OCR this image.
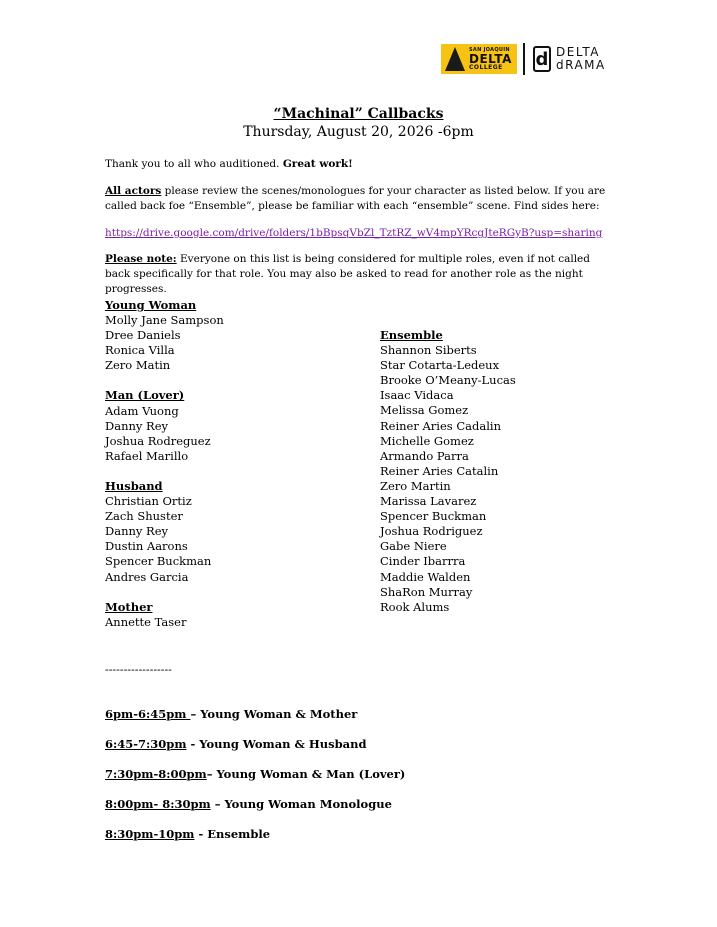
SAN JOAQUIN
DELTA
COLLEGE	d DELTA
dRAMA
“Machinal” Callbacks
Thursday, August 20, 2026 -6pm
Thank you to all who auditioned. Great work!
All actors please review the scenes/monologues for your character as listed below. If you are called back foe “Ensemble”, please be familiar with each “ensemble” scene. Find sides here:
https://drive.google.com/drive/folders/1bBpsqVbZl_TztRZ_wV4mpYRcgJteRGyB?usp=sharing
Please note: Everyone on this list is being considered for multiple roles, even if not called back specifically for that role. You may also be asked to read for another role as the night progresses.
Young Woman
Molly Jane Sampson
Dree Daniels
Ronica Villa
Zero Matin
Man (Lover)
Adam Vuong
Danny Rey
Joshua Rodreguez
Rafael Marillo
Husband
Christian Ortiz
Zach Shuster
Danny Rey
Dustin Aarons
Spencer Buckman
Andres Garcia
Mother
Annette Taser
Ensemble
Shannon Siberts
Star Cotarta-Ledeux
Brooke O’Meany-Lucas
Isaac Vidaca
Melissa Gomez
Reiner Aries Cadalin
Michelle Gomez
Armando Parra
Reiner Aries Catalin
Zero Martin
Marissa Lavarez
Spencer Buckman
Joshua Rodriguez
Gabe Niere
Cinder Ibarrra
Maddie Walden
ShaRon Murray
Rook Alums
------------------
6pm-6:45pm – Young Woman & Mother
6:45-7:30pm - Young Woman & Husband
7:30pm-8:00pm– Young Woman & Man (Lover)
8:00pm- 8:30pm – Young Woman Monologue
8:30pm-10pm - Ensemble
